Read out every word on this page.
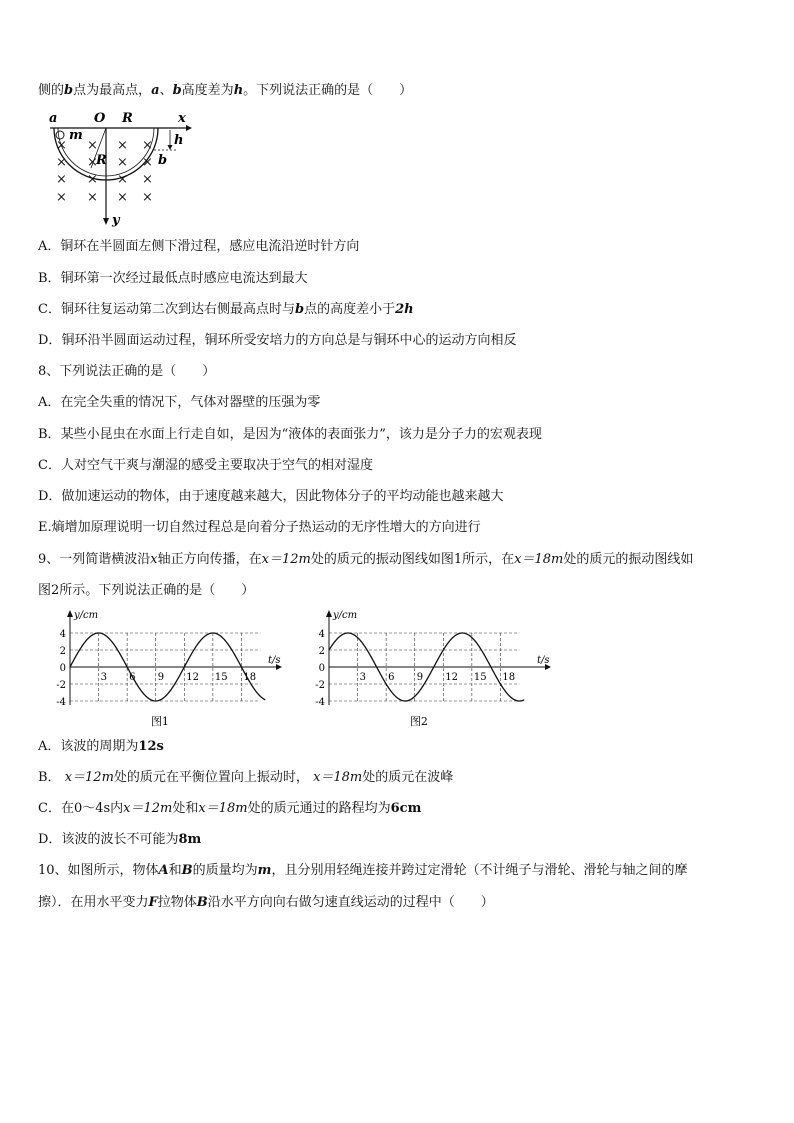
侧的b点为最高点，a、b高度差为h。下列说法正确的是（　　）
a	O R	x
m	h
R	b
y
× × × ×
× × × ×
× × × ×
× × × ×
A．铜环在半圆面左侧下滑过程，感应电流沿逆时针方向
B．铜环第一次经过最低点时感应电流达到最大
C．铜环往复运动第二次到达右侧最高点时与b点的高度差小于2h
D．铜环沿半圆面运动过程，铜环所受安培力的方向总是与铜环中心的运动方向相反
8、下列说法正确的是（　　）
A．在完全失重的情况下，气体对器壁的压强为零
B．某些小昆虫在水面上行走自如，是因为“液体的表面张力”，该力是分子力的宏观表现
C．人对空气干爽与潮湿的感受主要取决于空气的相对湿度
D．做加速运动的物体，由于速度越来越大，因此物体分子的平均动能也越来越大
E.熵增加原理说明一切自然过程总是向着分子热运动的无序性增大的方向进行
9、一列简谐横波沿x轴正方向传播，在x＝12m处的质元的振动图线如图1所示，在x＝18m处的质元的振动图线如
图2所示。下列说法正确的是（　　）
y/cm
t/s
-4
-2
0
2
4
3 6 9 12 15 18
图1
y/cm
t/s
-4
-2
0
2
4
3 6 9 12 15 18
图2
A．该波的周期为12s
B． x＝12m处的质元在平衡位置向上振动时， x＝18m处的质元在波峰
C．在0～4s内x＝12m处和x＝18m处的质元通过的路程均为6cm
D．该波的波长不可能为8m
10、如图所示，物体A和B的质量均为m，且分别用轻绳连接并跨过定滑轮（不计绳子与滑轮、滑轮与轴之间的摩
擦）．在用水平变力F拉物体B沿水平方向向右做匀速直线运动的过程中（　　）
